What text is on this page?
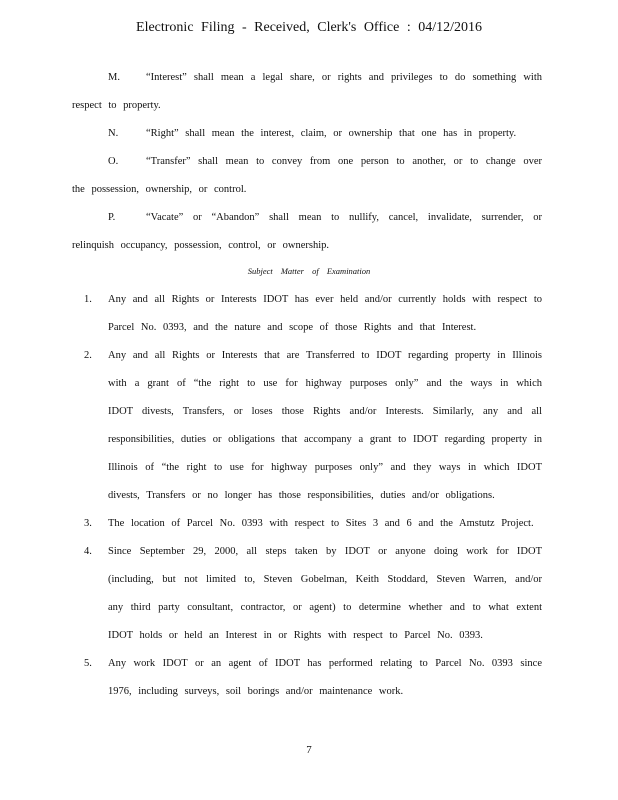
Electronic Filing - Received, Clerk's Office : 04/12/2016
M. “Interest” shall mean a legal share, or rights and privileges to do something with respect to property.
N.	“Right” shall mean the interest, claim, or ownership that one has in property.
O.	“Transfer” shall mean to convey from one person to another, or to change over the possession, ownership, or control.
P.	“Vacate” or “Abandon” shall mean to nullify, cancel, invalidate, surrender, or relinquish occupancy, possession, control, or ownership.
Subject Matter of Examination
1. Any and all Rights or Interests IDOT has ever held and/or currently holds with respect to Parcel No. 0393, and the nature and scope of those Rights and that Interest.
2. Any and all Rights or Interests that are Transferred to IDOT regarding property in Illinois with a grant of “the right to use for highway purposes only” and the ways in which IDOT divests, Transfers, or loses those Rights and/or Interests. Similarly, any and all responsibilities, duties or obligations that accompany a grant to IDOT regarding property in Illinois of “the right to use for highway purposes only” and they ways in which IDOT divests, Transfers or no longer has those responsibilities, duties and/or obligations.
3. The location of Parcel No. 0393 with respect to Sites 3 and 6 and the Amstutz Project.
4. Since September 29, 2000, all steps taken by IDOT or anyone doing work for IDOT (including, but not limited to, Steven Gobelman, Keith Stoddard, Steven Warren, and/or any third party consultant, contractor, or agent) to determine whether and to what extent IDOT holds or held an Interest in or Rights with respect to Parcel No. 0393.
5. Any work IDOT or an agent of IDOT has performed relating to Parcel No. 0393 since 1976, including surveys, soil borings and/or maintenance work.
7
